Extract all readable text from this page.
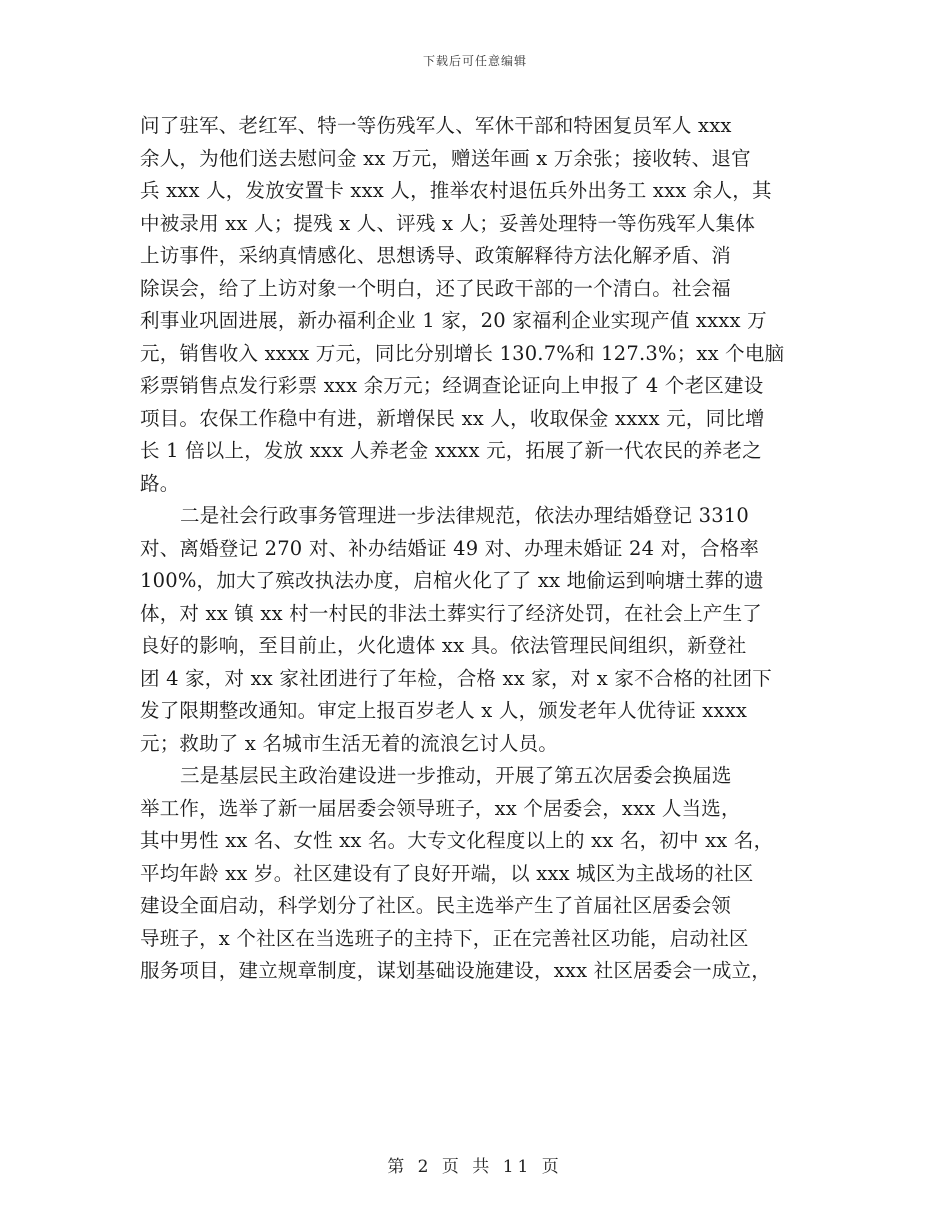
下载后可任意编辑
问了驻军、老红军、特一等伤残军人、军休干部和特困复员军人 xxx
余人，为他们送去慰问金 xx 万元，赠送年画 x 万余张；接收转、退官
兵 xxx 人，发放安置卡 xxx 人，推举农村退伍兵外出务工 xxx 余人，其
中被录用 xx 人；提残 x 人、评残 x 人；妥善处理特一等伤残军人集体
上访事件，采纳真情感化、思想诱导、政策解释待方法化解矛盾、消
除误会，给了上访对象一个明白，还了民政干部的一个清白。社会福
利事业巩固进展，新办福利企业 1 家，20 家福利企业实现产值 xxxx 万
元，销售收入 xxxx 万元，同比分别增长 130.7%和 127.3%；xx 个电脑
彩票销售点发行彩票 xxx 余万元；经调查论证向上申报了 4 个老区建设
项目。农保工作稳中有进，新增保民 xx 人，收取保金 xxxx 元，同比增
长 1 倍以上，发放 xxx 人养老金 xxxx 元，拓展了新一代农民的养老之
路。
二是社会行政事务管理进一步法律规范，依法办理结婚登记 3310
对、离婚登记 270 对、补办结婚证 49 对、办理未婚证 24 对，合格率
100%，加大了殡改执法办度，启棺火化了了 xx 地偷运到响塘土葬的遗
体，对 xx 镇 xx 村一村民的非法土葬实行了经济处罚，在社会上产生了
良好的影响，至目前止，火化遗体 xx 具。依法管理民间组织，新登社
团 4 家，对 xx 家社团进行了年检，合格 xx 家，对 x 家不合格的社团下
发了限期整改通知。审定上报百岁老人 x 人，颁发老年人优待证 xxxx
元；救助了 x 名城市生活无着的流浪乞讨人员。
三是基层民主政治建设进一步推动，开展了第五次居委会换届选
举工作，选举了新一届居委会领导班子，xx 个居委会，xxx 人当选，
其中男性 xx 名、女性 xx 名。大专文化程度以上的 xx 名，初中 xx 名，
平均年龄 xx 岁。社区建设有了良好开端，以 xxx 城区为主战场的社区
建设全面启动，科学划分了社区。民主选举产生了首届社区居委会领
导班子，x 个社区在当选班子的主持下，正在完善社区功能，启动社区
服务项目，建立规章制度，谋划基础设施建设，xxx 社区居委会一成立，
第 2 页 共 11 页
